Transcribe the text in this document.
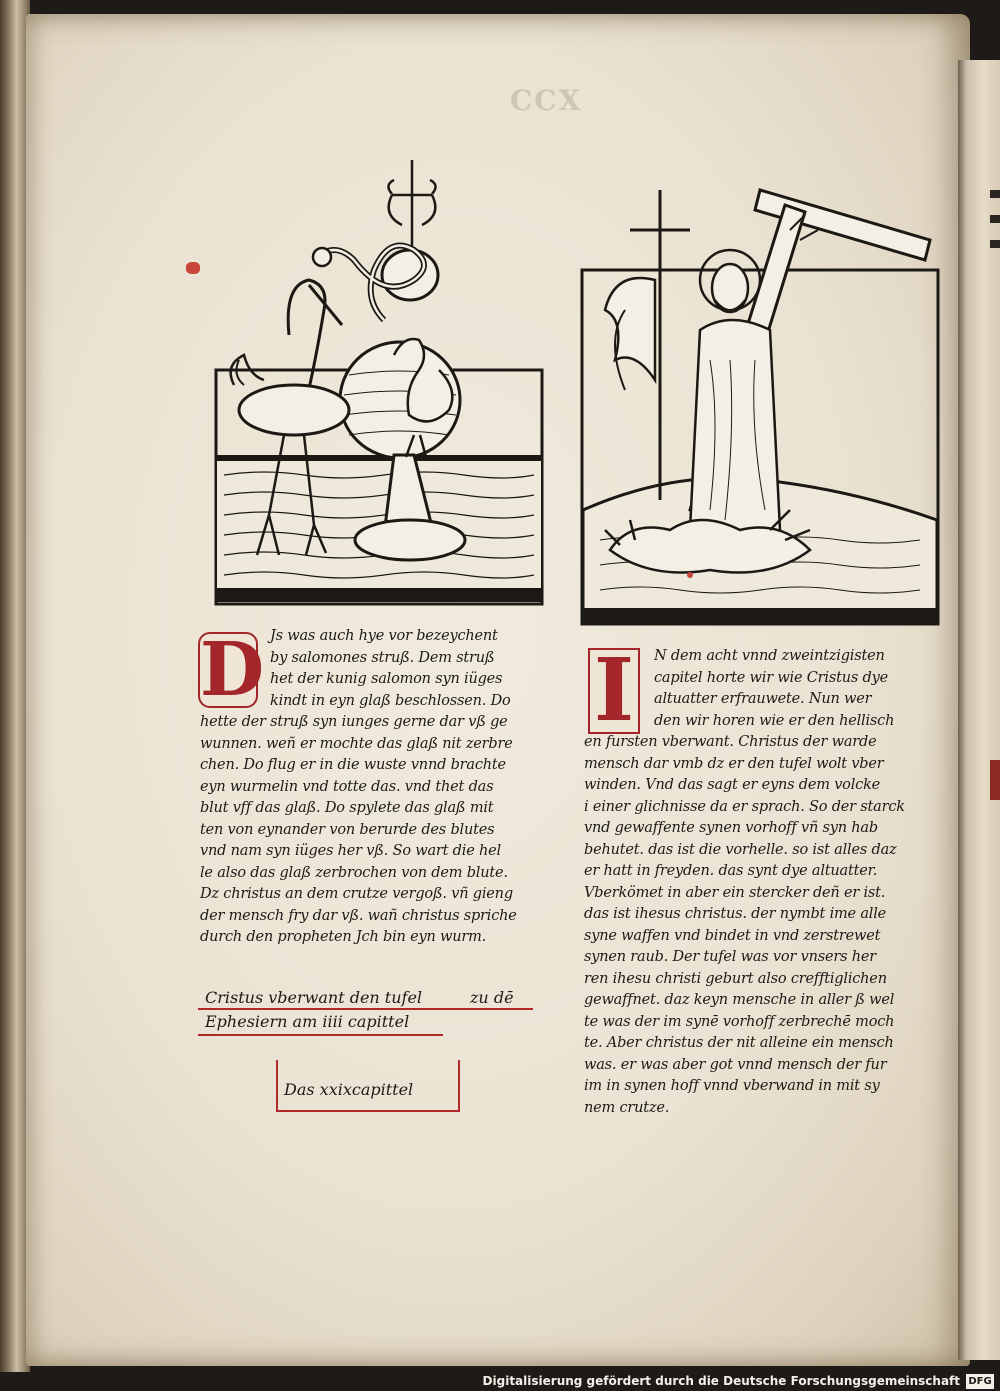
CCX
D Js was auch hye vor bezeychent
by salomones struß. Dem struß
het der kunig salomon syn iüges
kindt in eyn glaß beschlossen. Do
hette der struß syn iunges gerne dar vß ge
wunnen. weñ er mochte das glaß nit zerbre
chen. Do flug er in die wuste vnnd brachte
eyn wurmelin vnd totte das. vnd thet das
blut vff das glaß. Do spylete das glaß mit
ten von eynander von berurde des blutes
vnd nam syn iüges her vß. So wart die hel
le also das glaß zerbrochen von dem blute.
Dz christus an dem crutze vergoß. vñ gieng
der mensch fry dar vß. wañ christus spriche
durch den propheten Jch bin eyn wurm.
Cristus vberwant den tufel	zu dē
Ephesiern am iiii capittel
Das xxixcapittel
I	N dem acht vnnd zweintzigisten
capitel horte wir wie Cristus dye
altuatter erfrauwete. Nun wer
den wir horen wie er den hellisch
en fursten vberwant. Christus der warde
mensch dar vmb dz er den tufel wolt vber
winden. Vnd das sagt er eyns dem volcke
i einer glichnisse da er sprach. So der starck
vnd gewaffente synen vorhoff vñ syn hab
behutet. das ist die vorhelle. so ist alles daz
er hatt in freyden. das synt dye altuatter.
Vberkömet in aber ein stercker deñ er ist.
das ist ihesus christus. der nymbt ime alle
syne waffen vnd bindet in vnd zerstrewet
synen raub. Der tufel was vor vnsers her
ren ihesu christi geburt also crefftiglichen
gewaffnet. daz keyn mensche in aller ß wel
te was der im synē vorhoff zerbrechē moch
te. Aber christus der nit alleine ein mensch
was. er was aber got vnnd mensch der fur
im in synen hoff vnnd vberwand in mit sy
nem crutze.
Digitalisierung gefördert durch die Deutsche Forschungsgemeinschaft DFG
